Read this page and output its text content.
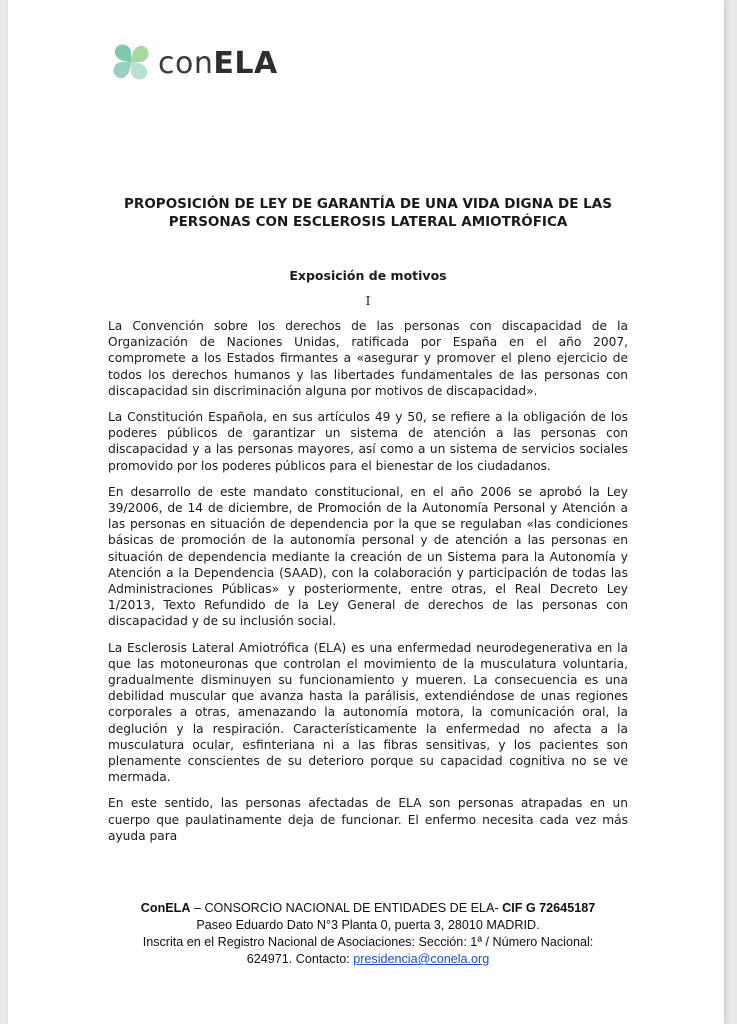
conELA
PROPOSICIÓN DE LEY DE GARANTÍA DE UNA VIDA DIGNA DE LAS
PERSONAS CON ESCLEROSIS LATERAL AMIOTRÓFICA
Exposición de motivos
I

La Convención sobre los derechos de las personas con discapacidad de la Organización de Naciones Unidas, ratificada por España en el año 2007, compromete a los Estados firmantes a «asegurar y promover el pleno ejercicio de todos los derechos humanos y las libertades fundamentales de las personas con discapacidad sin discriminación alguna por motivos de discapacidad».

La Constitución Española, en sus artículos 49 y 50, se refiere a la obligación de los poderes públicos de garantizar un sistema de atención a las personas con discapacidad y a las personas mayores, así como a un sistema de servicios sociales promovido por los poderes públicos para el bienestar de los ciudadanos.

En desarrollo de este mandato constitucional, en el año 2006 se aprobó la Ley 39/2006, de 14 de diciembre, de Promoción de la Autonomía Personal y Atención a las personas en situación de dependencia por la que se regulaban «las condiciones básicas de promoción de la autonomía personal y de atención a las personas en situación de dependencia mediante la creación de un Sistema para la Autonomía y Atención a la Dependencia (SAAD), con la colaboración y participación de todas las Administraciones Públicas» y posteriormente, entre otras, el Real Decreto Ley 1/2013, Texto Refundido de la Ley General de derechos de las personas con discapacidad y de su inclusión social.

La Esclerosis Lateral Amiotrófica (ELA) es una enfermedad neurodegenerativa en la que las motoneuronas que controlan el movimiento de la musculatura voluntaria, gradualmente disminuyen su funcionamiento y mueren. La consecuencia es una debilidad muscular que avanza hasta la parálisis, extendiéndose de unas regiones corporales a otras, amenazando la autonomía motora, la comunicación oral, la deglución y la respiración. Característicamente la enfermedad no afecta a la musculatura ocular, esfinteriana ni a las fibras sensitivas, y los pacientes son plenamente conscientes de su deterioro porque su capacidad cognitiva no se ve mermada.

En este sentido, las personas afectadas de ELA son personas atrapadas en un cuerpo que paulatinamente deja de funcionar. El enfermo necesita cada vez más ayuda para

ConELA – CONSORCIO NACIONAL DE ENTIDADES DE ELA- CIF G 72645187
Paseo Eduardo Dato N°3 Planta 0, puerta 3, 28010 MADRID.
Inscrita en el Registro Nacional de Asociaciones: Sección: 1ª / Número Nacional:
624971. Contacto: presidencia@conela.org
